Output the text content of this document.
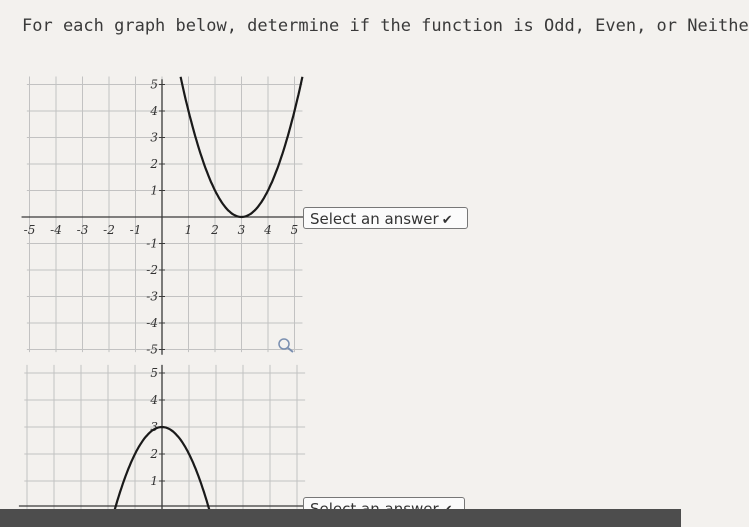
For each graph below, determine if the function is Odd, Even, or Neithe
-5 -4 -3 -2 -1	1 2 3 4 5
5
4
3
2
1
-1
-2
-3
-4
-5
Select an answer ✔
5
4
3
2
1
